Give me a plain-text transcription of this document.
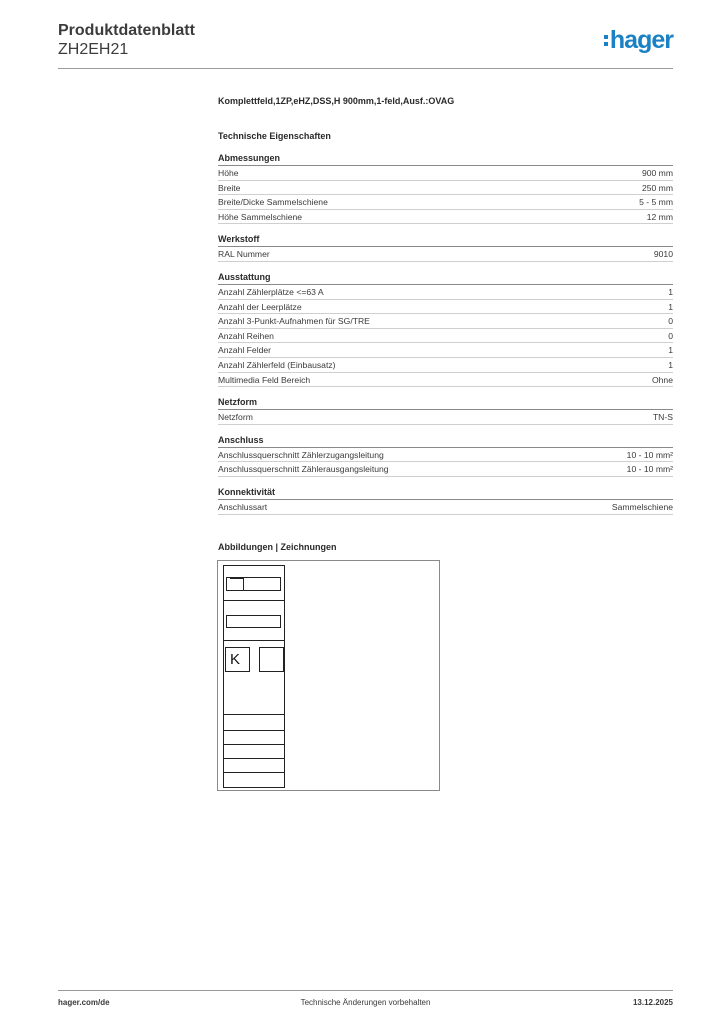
Produktdatenblatt
ZH2EH21	hager
Komplettfeld,1ZP,eHZ,DSS,H 900mm,1-feld,Ausf.:OVAG
Technische Eigenschaften
Abmessungen
Höhe	900 mm
Breite	250 mm
Breite/Dicke Sammelschiene	5 - 5 mm
Höhe Sammelschiene	12 mm
Werkstoff
RAL Nummer	9010
Ausstattung
Anzahl Zählerplätze <=63 A	1
Anzahl der Leerplätze	1
Anzahl 3-Punkt-Aufnahmen für SG/TRE	0
Anzahl Reihen	0
Anzahl Felder	1
Anzahl Zählerfeld (Einbausatz)	1
Multimedia Feld Bereich	Ohne
Netzform
Netzform	TN-S
Anschluss
Anschlussquerschnitt Zählerzugangsleitung	10 - 10 mm²
Anschlussquerschnitt Zählerausgangsleitung	10 - 10 mm²
Konnektivität
Anschlussart	Sammelschiene
Abbildungen | Zeichnungen
K
hager.com/de	Technische Änderungen vorbehalten	13.12.2025
